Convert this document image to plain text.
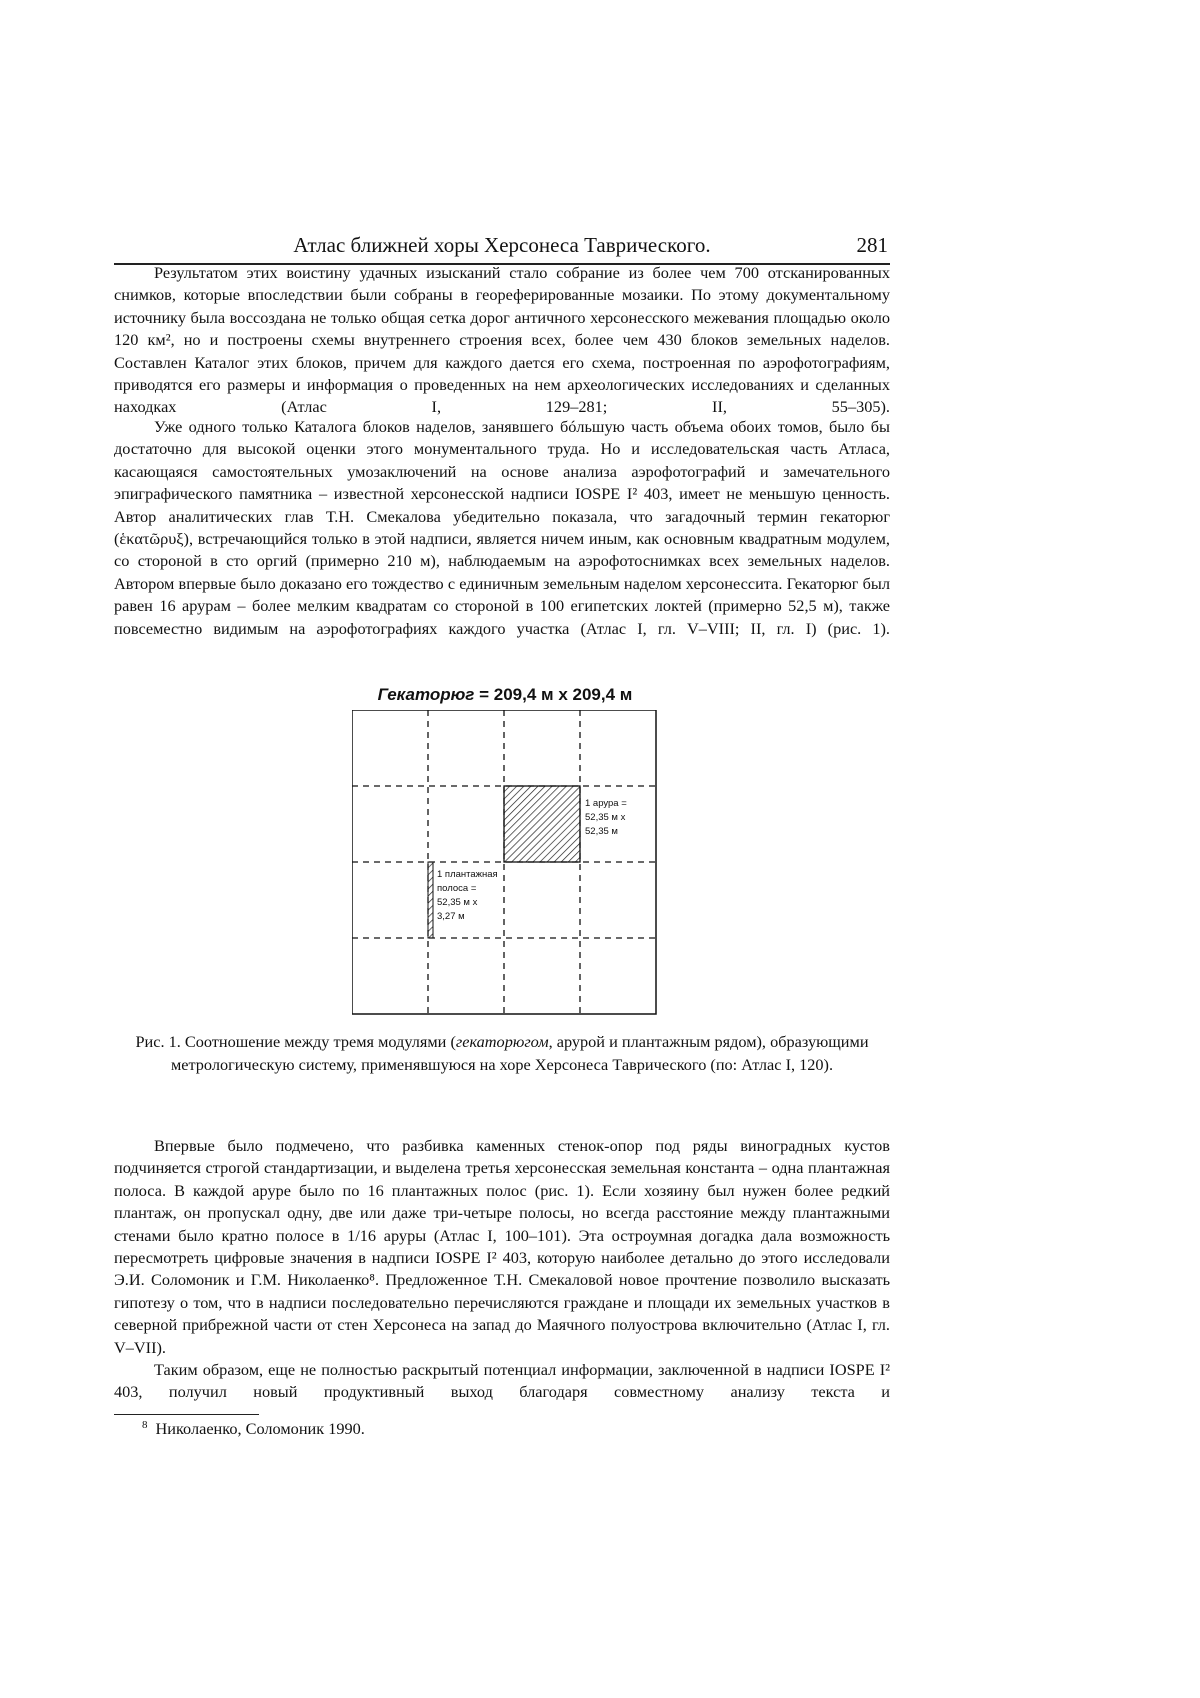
Атлас ближней хоры Херсонеса Таврического.	281
Результатом этих воистину удачных изысканий стало собрание из более чем 700 отсканированных снимков, которые впоследствии были собраны в геореферированные мозаики. По этому документальному источнику была воссоздана не только общая сетка дорог античного херсонесского межевания площадью около 120 км², но и построены схемы внутреннего строения всех, более чем 430 блоков земельных наделов. Составлен Каталог этих блоков, причем для каждого дается его схема, построенная по аэрофотографиям, приводятся его размеры и информация о проведенных на нем археологических исследованиях и сделанных находках (Атлас I, 129–281; II, 55–305).
Уже одного только Каталога блоков наделов, занявшего бóльшую часть объема обоих томов, было бы достаточно для высокой оценки этого монументального труда. Но и исследовательская часть Атласа, касающаяся самостоятельных умозаключений на основе анализа аэрофотографий и замечательного эпиграфического памятника – известной херсонесской надписи IOSPE I² 403, имеет не меньшую ценность. Автор аналитических глав Т.Н. Смекалова убедительно показала, что загадочный термин гекаторюг (ἑκατῶρυξ), встречающийся только в этой надписи, является ничем иным, как основным квадратным модулем, со стороной в сто оргий (примерно 210 м), наблюдаемым на аэрофотоснимках всех земельных наделов. Автором впервые было доказано его тождество с единичным земельным наделом херсонессита. Гекаторюг был равен 16 арурам – более мелким квадратам со стороной в 100 египетских локтей (примерно 52,5 м), также повсеместно видимым на аэрофотографиях каждого участка (Атлас I, гл. V–VIII; II, гл. I) (рис. 1).
Гекаторюг = 209,4 м х 209,4 м
1 арура =
52,35 м х
52,35 м
1 плантажная
полоса =
52,35 м х
3,27 м
Рис. 1. Соотношение между тремя модулями (гекаторюгом, арурой и плантажным рядом), образующими метрологическую систему, применявшуюся на хоре Херсонеса Таврического (по: Атлас I, 120).
Впервые было подмечено, что разбивка каменных стенок-опор под ряды виноградных кустов подчиняется строгой стандартизации, и выделена третья херсонесская земельная константа – одна плантажная полоса. В каждой аруре было по 16 плантажных полос (рис. 1). Если хозяину был нужен более редкий плантаж, он пропускал одну, две или даже три-четыре полосы, но всегда расстояние между плантажными стенами было кратно полосе в 1/16 аруры (Атлас I, 100–101). Эта остроумная догадка дала возможность пересмотреть цифровые значения в надписи IOSPE I² 403, которую наиболее детально до этого исследовали Э.И. Соломоник и Г.М. Николаенко⁸. Предложенное Т.Н. Смекаловой новое прочтение позволило высказать гипотезу о том, что в надписи последовательно перечисляются граждане и площади их земельных участков в северной прибрежной части от стен Херсонеса на запад до Маячного полуострова включительно (Атлас I, гл. V–VII).
Таким образом, еще не полностью раскрытый потенциал информации, заключенной в надписи IOSPE I² 403, получил новый продуктивный выход благодаря совместному анализу текста и
8 Николаенко, Соломоник 1990.
